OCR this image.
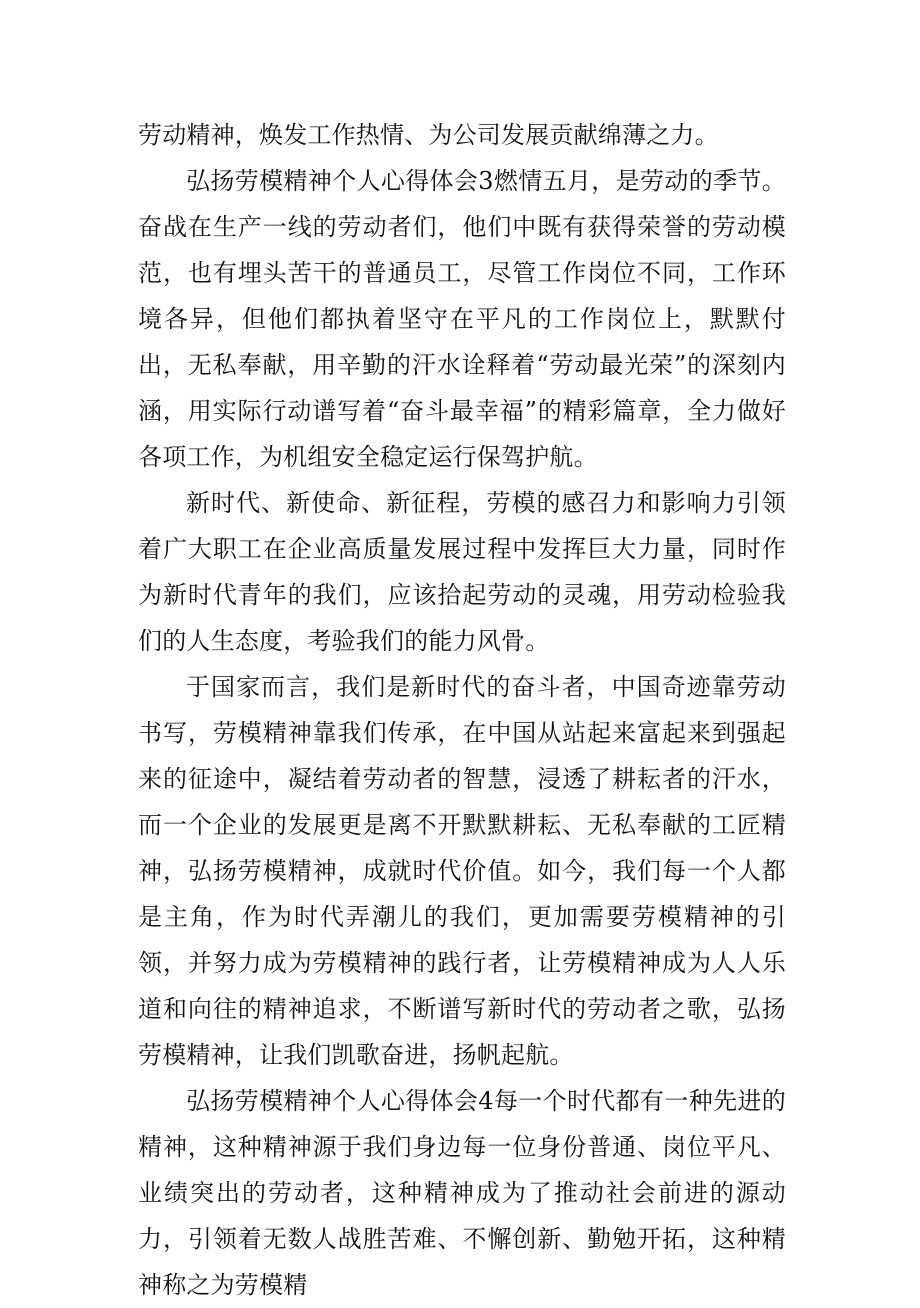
劳动精神，焕发工作热情、为公司发展贡献绵薄之力。

弘扬劳模精神个人心得体会3燃情五月，是劳动的季节。奋战在生产一线的劳动者们，他们中既有获得荣誉的劳动模范，也有埋头苦干的普通员工，尽管工作岗位不同，工作环境各异，但他们都执着坚守在平凡的工作岗位上，默默付出，无私奉献，用辛勤的汗水诠释着“劳动最光荣”的深刻内涵，用实际行动谱写着“奋斗最幸福”的精彩篇章，全力做好各项工作，为机组安全稳定运行保驾护航。

新时代、新使命、新征程，劳模的感召力和影响力引领着广大职工在企业高质量发展过程中发挥巨大力量，同时作为新时代青年的我们，应该拾起劳动的灵魂，用劳动检验我们的人生态度，考验我们的能力风骨。

于国家而言，我们是新时代的奋斗者，中国奇迹靠劳动书写，劳模精神靠我们传承，在中国从站起来富起来到强起来的征途中，凝结着劳动者的智慧，浸透了耕耘者的汗水，而一个企业的发展更是离不开默默耕耘、无私奉献的工匠精神，弘扬劳模精神，成就时代价值。如今，我们每一个人都是主角，作为时代弄潮儿的我们，更加需要劳模精神的引领，并努力成为劳模精神的践行者，让劳模精神成为人人乐道和向往的精神追求，不断谱写新时代的劳动者之歌，弘扬劳模精神，让我们凯歌奋进，扬帆起航。

弘扬劳模精神个人心得体会4每一个时代都有一种先进的精神，这种精神源于我们身边每一位身份普通、岗位平凡、业绩突出的劳动者，这种精神成为了推动社会前进的源动力，引领着无数人战胜苦难、不懈创新、勤勉开拓，这种精神称之为劳模精
